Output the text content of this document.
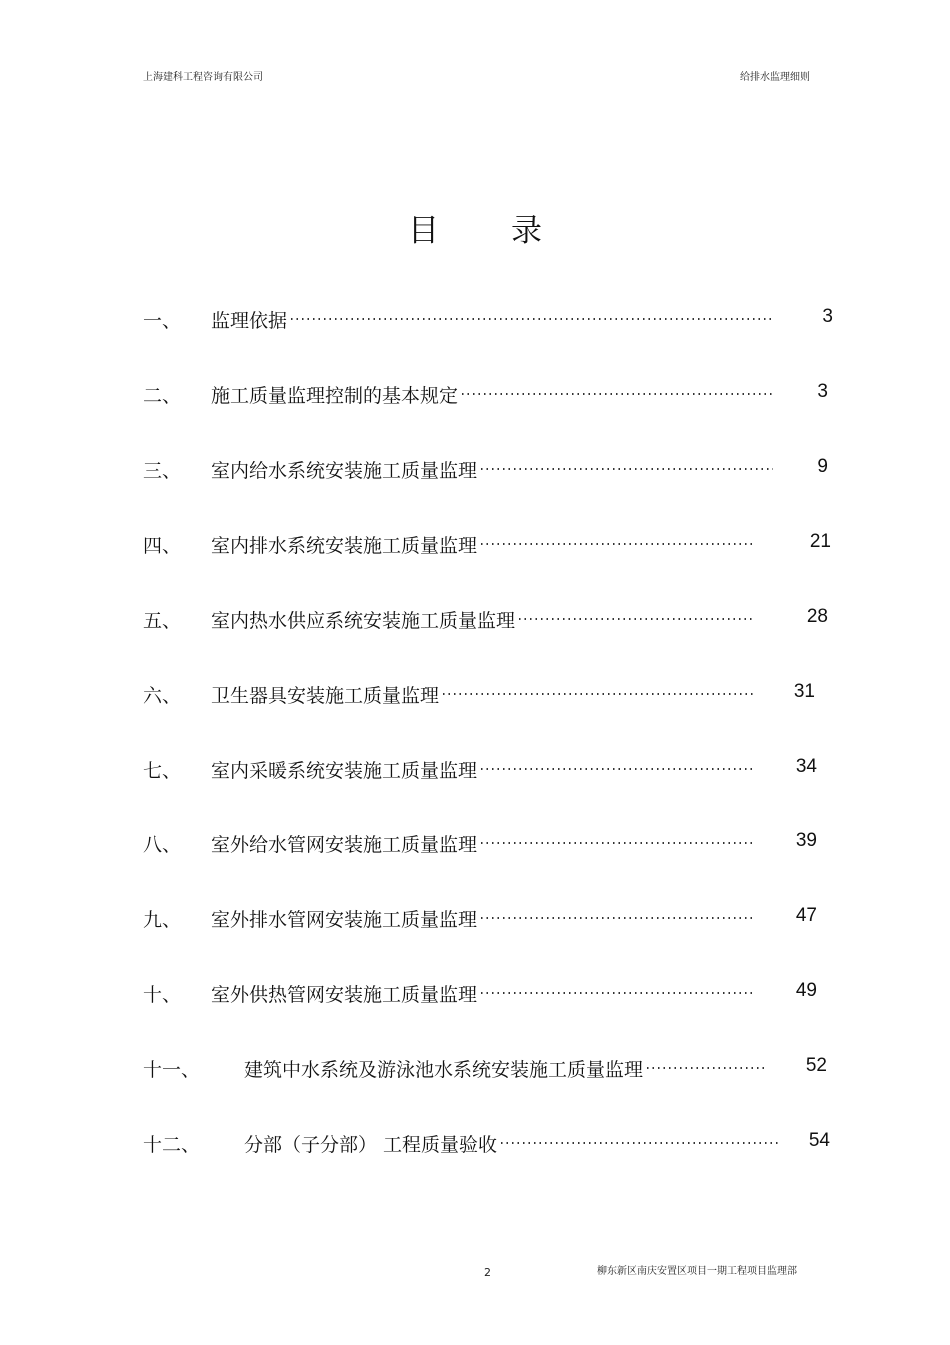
上海建科工程咨询有限公司	给排水监理细则
目录
一、 监理依据	3
二、 施工质量监理控制的基本规定	3
三、 室内给水系统安装施工质量监理	9
四、 室内排水系统安装施工质量监理	21
五、 室内热水供应系统安装施工质量监理	28
六、 卫生器具安装施工质量监理	31
七、 室内采暖系统安装施工质量监理	34
八、 室外给水管网安装施工质量监理	39
九、 室外排水管网安装施工质量监理	47
十、 室外供热管网安装施工质量监理	49
十一、 建筑中水系统及游泳池水系统安装施工质量监理	52
十二、 分部（子分部） 工程质量验收	54
2	柳东新区南庆安置区项目一期工程项目监理部
